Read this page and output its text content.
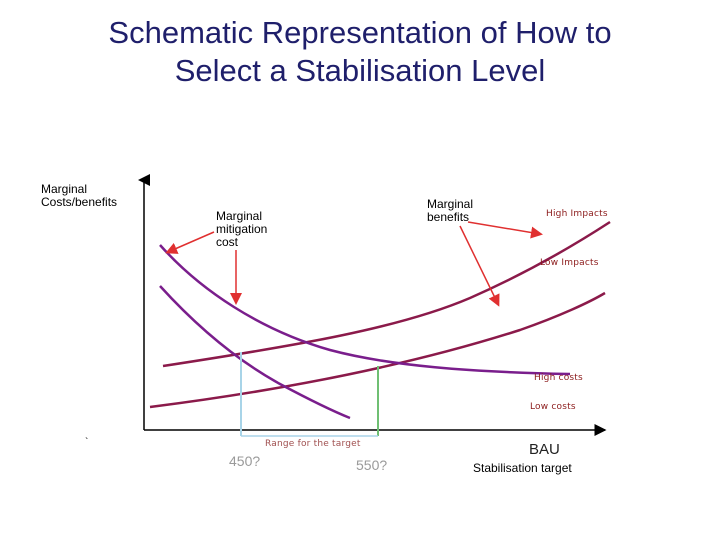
Schematic Representation of How to
Select a Stabilisation Level
Marginal Costs/benefits
Marginal mitigation cost
Marginal benefits	High Impacts
Low Impacts
High costs
Low costs
Range for the target
450?	550?
BAU
Stabilisation target
`
